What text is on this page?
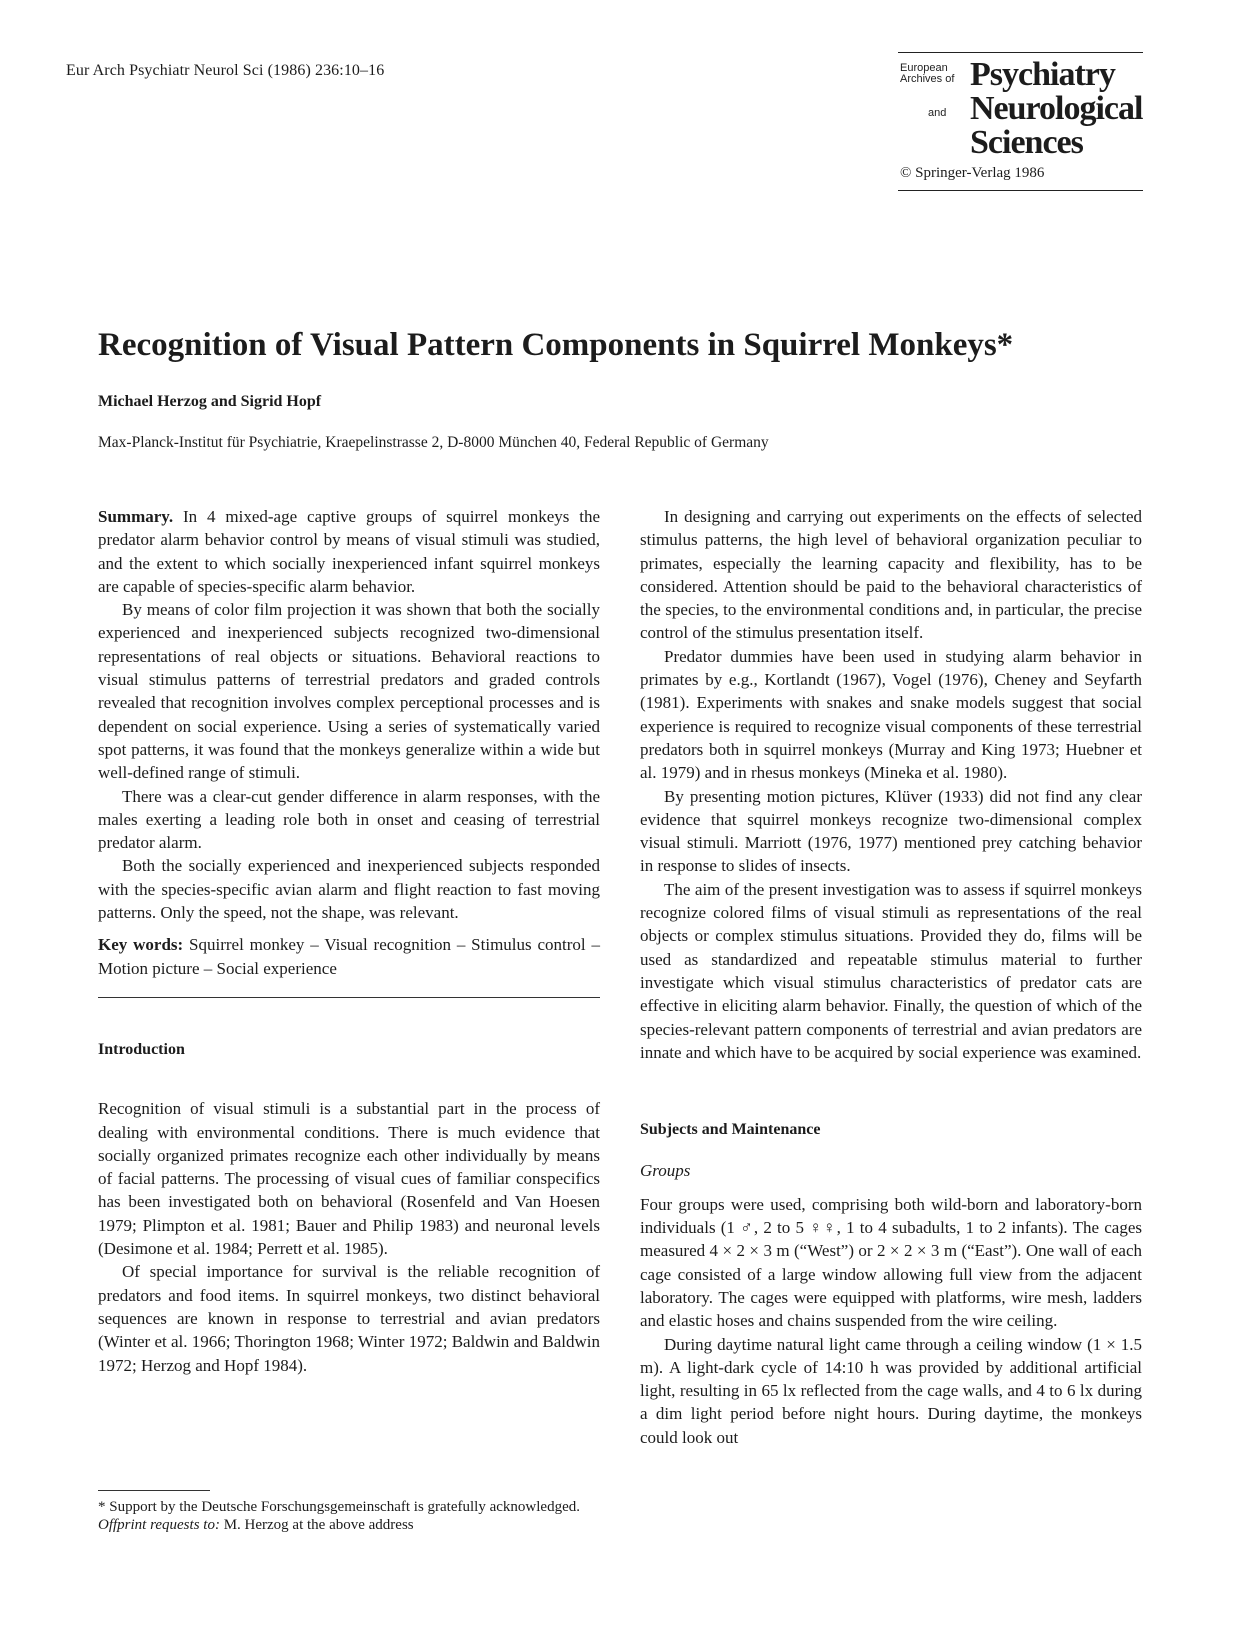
Eur Arch Psychiatr Neurol Sci (1986) 236:10–16	European
Archives of Psychiatry
and Neurological
Sciences
© Springer-Verlag 1986
Recognition of Visual Pattern Components in Squirrel Monkeys*
Michael Herzog and Sigrid Hopf
Max-Planck-Institut für Psychiatrie, Kraepelinstrasse 2, D-8000 München 40, Federal Republic of Germany

Summary. In 4 mixed-age captive groups of squirrel monkeys the predator alarm behavior control by means of visual stimuli was studied, and the extent to which socially inexperienced infant squirrel monkeys are capable of species-specific alarm behavior.

By means of color film projection it was shown that both the socially experienced and inexperienced subjects recognized two-dimensional representations of real objects or situations. Behavioral reactions to visual stimulus patterns of terrestrial predators and graded controls revealed that recognition involves complex perceptional processes and is dependent on social experience. Using a series of systematically varied spot patterns, it was found that the monkeys generalize within a wide but well-defined range of stimuli.

There was a clear-cut gender difference in alarm responses, with the males exerting a leading role both in onset and ceasing of terrestrial predator alarm.

Both the socially experienced and inexperienced subjects responded with the species-specific avian alarm and flight reaction to fast moving patterns. Only the speed, not the shape, was relevant.

Key words: Squirrel monkey – Visual recognition – Stimulus control – Motion picture – Social experience

Introduction

Recognition of visual stimuli is a substantial part in the process of dealing with environmental conditions. There is much evidence that socially organized primates recognize each other individually by means of facial patterns. The processing of visual cues of familiar conspecifics has been investigated both on behavioral (Rosenfeld and Van Hoesen 1979; Plimpton et al. 1981; Bauer and Philip 1983) and neuronal levels (Desimone et al. 1984; Perrett et al. 1985).

Of special importance for survival is the reliable recognition of predators and food items. In squirrel monkeys, two distinct behavioral sequences are known in response to terrestrial and avian predators (Winter et al. 1966; Thorington 1968; Winter 1972; Baldwin and Baldwin 1972; Herzog and Hopf 1984).

* Support by the Deutsche Forschungsgemeinschaft is gratefully acknowledged.

Offprint requests to: M. Herzog at the above address

In designing and carrying out experiments on the effects of selected stimulus patterns, the high level of behavioral organization peculiar to primates, especially the learning capacity and flexibility, has to be considered. Attention should be paid to the behavioral characteristics of the species, to the environmental conditions and, in particular, the precise control of the stimulus presentation itself.

Predator dummies have been used in studying alarm behavior in primates by e.g., Kortlandt (1967), Vogel (1976), Cheney and Seyfarth (1981). Experiments with snakes and snake models suggest that social experience is required to recognize visual components of these terrestrial predators both in squirrel monkeys (Murray and King 1973; Huebner et al. 1979) and in rhesus monkeys (Mineka et al. 1980).

By presenting motion pictures, Klüver (1933) did not find any clear evidence that squirrel monkeys recognize two-dimensional complex visual stimuli. Marriott (1976, 1977) mentioned prey catching behavior in response to slides of insects.

The aim of the present investigation was to assess if squirrel monkeys recognize colored films of visual stimuli as representations of the real objects or complex stimulus situations. Provided they do, films will be used as standardized and repeatable stimulus material to further investigate which visual stimulus characteristics of predator cats are effective in eliciting alarm behavior. Finally, the question of which of the species-relevant pattern components of terrestrial and avian predators are innate and which have to be acquired by social experience was examined.

Subjects and Maintenance

Groups

Four groups were used, comprising both wild-born and laboratory-born individuals (1 ♂, 2 to 5 ♀♀, 1 to 4 subadults, 1 to 2 infants). The cages measured 4 × 2 × 3 m (“West”) or 2 × 2 × 3 m (“East”). One wall of each cage consisted of a large window allowing full view from the adjacent laboratory. The cages were equipped with platforms, wire mesh, ladders and elastic hoses and chains suspended from the wire ceiling.

During daytime natural light came through a ceiling window (1 × 1.5 m). A light-dark cycle of 14:10 h was provided by additional artificial light, resulting in 65 lx reflected from the cage walls, and 4 to 6 lx during a dim light period before night hours. During daytime, the monkeys could look out
